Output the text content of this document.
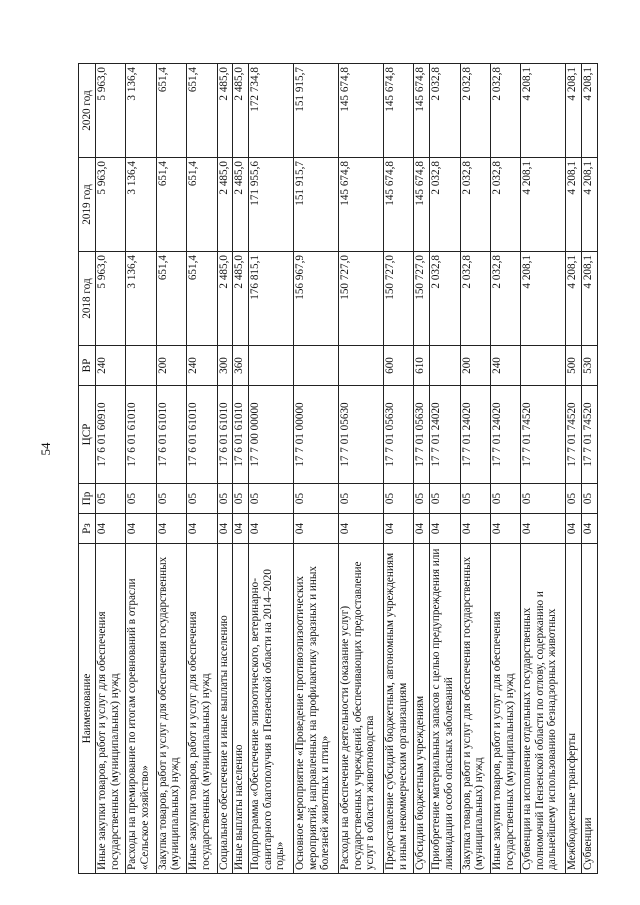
54
Наименование	Рз	Пр	ЦСР	ВР	2018 год	2019 год	2020 год
Иные закупки товаров, работ и услуг для обеспечения государственных (муниципальных) нужд	04	05	17 6 01 60910	240	5 963,0	5 963,0	5 963,0
Расходы на премирование по итогам соревнований в отрасли «Сельское хозяйство»	04	05	17 6 01 61010		3 136,4	3 136,4	3 136,4
Закупка товаров, работ и услуг для обеспечения государственных (муниципальных) нужд	04	05	17 6 01 61010	200	651,4	651,4	651,4
Иные закупки товаров, работ и услуг для обеспечения государственных (муниципальных) нужд	04	05	17 6 01 61010	240	651,4	651,4	651,4
Социальное обеспечение и иные выплаты населению	04	05	17 6 01 61010	300	2 485,0	2 485,0	2 485,0
Иные выплаты населению	04	05	17 6 01 61010	360	2 485,0	2 485,0	2 485,0
Подпрограмма «Обеспечение эпизоотического, ветеринарно-санитарного благополучия в Пензенской области на 2014–2020 годы»	04	05	17 7 00 00000		176 815,1	171 955,6	172 734,8
Основное мероприятие «Проведение противоэпизоотических мероприятий, направленных на профилактику заразных и иных болезней животных и птиц»	04	05	17 7 01 00000		156 967,9	151 915,7	151 915,7
Расходы на обеспечение деятельности (оказание услуг) государственных учреждений, обеспечивающих предоставление услуг в области животноводства	04	05	17 7 01 05630		150 727,0	145 674,8	145 674,8
Предоставление субсидий бюджетным, автономным учреждениям и иным некоммерческим организациям	04	05	17 7 01 05630	600	150 727,0	145 674,8	145 674,8
Субсидии бюджетным учреждениям	04	05	17 7 01 05630	610	150 727,0	145 674,8	145 674,8
Приобретение материальных запасов с целью предупреждения или ликвидации особо опасных заболеваний	04	05	17 7 01 24020		2 032,8	2 032,8	2 032,8
Закупка товаров, работ и услуг для обеспечения государственных (муниципальных) нужд	04	05	17 7 01 24020	200	2 032,8	2 032,8	2 032,8
Иные закупки товаров, работ и услуг для обеспечения государственных (муниципальных) нужд	04	05	17 7 01 24020	240	2 032,8	2 032,8	2 032,8
Субвенции на исполнение отдельных государственных полномочий Пензенской области по отлову, содержанию и дальнейшему использованию безнадзорных животных	04	05	17 7 01 74520		4 208,1	4 208,1	4 208,1
Межбюджетные трансферты	04	05	17 7 01 74520	500	4 208,1	4 208,1	4 208,1
Субвенции	04	05	17 7 01 74520	530	4 208,1	4 208,1	4 208,1
